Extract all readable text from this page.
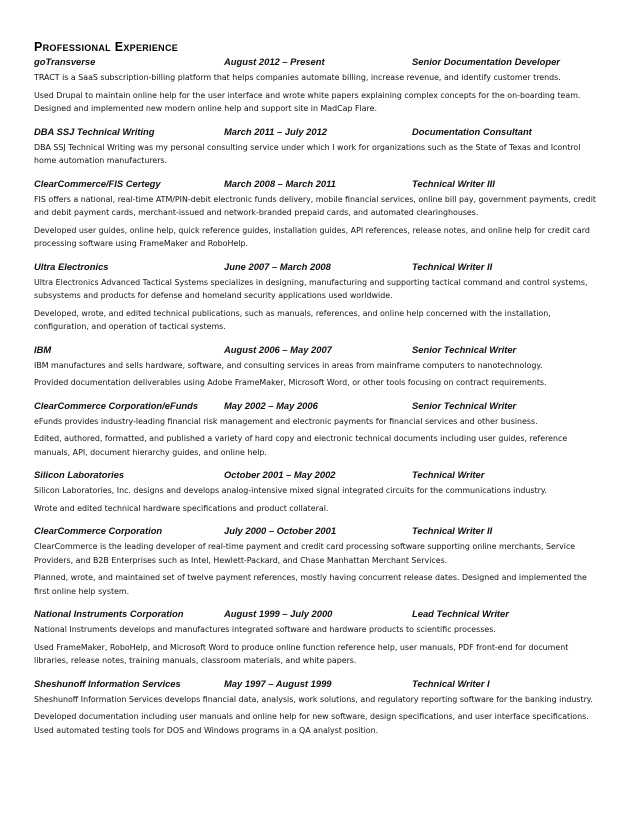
Professional Experience
goTransverse	August 2012 – Present	Senior Documentation Developer

TRACT is a SaaS subscription-billing platform that helps companies automate billing, increase revenue, and identify customer trends.

Used Drupal to maintain online help for the user interface and wrote white papers explaining complex concepts for the on-boarding team. Designed and implemented new modern online help and support site in MadCap Flare.

DBA SSJ Technical Writing	March 2011 – July 2012	Documentation Consultant

DBA SSJ Technical Writing was my personal consulting service under which I work for organizations such as the State of Texas and Icontrol home automation manufacturers.

ClearCommerce/FIS Certegy	March 2008 – March 2011	Technical Writer III

FIS offers a national, real-time ATM/PIN-debit electronic funds delivery, mobile financial services, online bill pay, government payments, credit and debit payment cards, merchant-issued and network-branded prepaid cards, and automated clearinghouses.

Developed user guides, online help, quick reference guides, installation guides, API references, release notes, and online help for credit card processing software using FrameMaker and RoboHelp.

Ultra Electronics	June 2007 – March 2008	Technical Writer II

Ultra Electronics Advanced Tactical Systems specializes in designing, manufacturing and supporting tactical command and control systems, subsystems and products for defense and homeland security applications used worldwide.

Developed, wrote, and edited technical publications, such as manuals, references, and online help concerned with the installation, configuration, and operation of tactical systems.

IBM	August 2006 – May 2007	Senior Technical Writer

IBM manufactures and sells hardware, software, and consulting services in areas from mainframe computers to nanotechnology.

Provided documentation deliverables using Adobe FrameMaker, Microsoft Word, or other tools focusing on contract requirements.

ClearCommerce Corporation/eFunds	May 2002 – May 2006	Senior Technical Writer

eFunds provides industry-leading financial risk management and electronic payments for financial services and other business.

Edited, authored, formatted, and published a variety of hard copy and electronic technical documents including user guides, reference manuals, API, document hierarchy guides, and online help.

Silicon Laboratories	October 2001 – May 2002	Technical Writer

Silicon Laboratories, Inc. designs and develops analog-intensive mixed signal integrated circuits for the communications industry.

Wrote and edited technical hardware specifications and product collateral.

ClearCommerce Corporation	July 2000 – October 2001	Technical Writer II

ClearCommerce is the leading developer of real-time payment and credit card processing software supporting online merchants, Service Providers, and B2B Enterprises such as Intel, Hewlett-Packard, and Chase Manhattan Merchant Services.

Planned, wrote, and maintained set of twelve payment references, mostly having concurrent release dates. Designed and implemented the first online help system.

National Instruments Corporation	August 1999 – July 2000	Lead Technical Writer

National Instruments develops and manufactures integrated software and hardware products to scientific processes.

Used FrameMaker, RoboHelp, and Microsoft Word to produce online function reference help, user manuals, PDF front-end for document libraries, release notes, training manuals, classroom materials, and white papers.

Sheshunoff Information Services	May 1997 – August 1999	Technical Writer I

Sheshunoff Information Services develops financial data, analysis, work solutions, and regulatory reporting software for the banking industry.

Developed documentation including user manuals and online help for new software, design specifications, and user interface specifications. Used automated testing tools for DOS and Windows programs in a QA analyst position.
